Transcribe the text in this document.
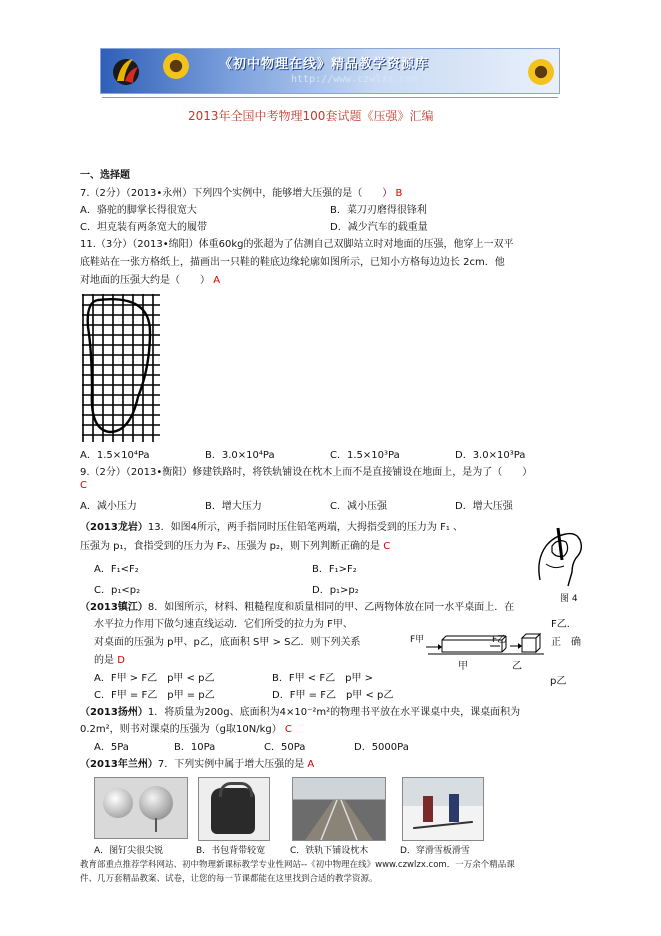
《初中物理在线》精品教学资源库
http://www.czwlzx.com
2013年全国中考物理100套试题《压强》汇编
一、选择题
7.（2分）（2013•永州）下列四个实例中，能够增大压强的是（　　） B
A．骆驼的脚掌长得很宽大	B．菜刀刃磨得很锋利
C．坦克装有两条宽大的履带	D．减少汽车的载重量
11.（3分）（2013•绵阳）体重60kg的张超为了估测自己双脚站立时对地面的压强，他穿上一双平
底鞋站在一张方格纸上，描画出一只鞋的鞋底边缘轮廓如图所示，已知小方格每边边长 2cm．他
对地面的压强大约是（　　） A
A．1.5×10⁴Pa	B．3.0×10⁴Pa	C．1.5×10³Pa	D．3.0×10³Pa
9.（2分）（2013•衡阳）修建铁路时，将铁轨铺设在枕木上而不是直接铺设在地面上，是为了（　　）
C
A．减小压力	B．增大压力	C．减小压强	D．增大压强
（2013龙岩）13．如图4所示，两手指同时压住铅笔两端，大拇指受到的压力为 F₁ 、
压强为 p₁，食指受到的压力为 F₂、压强为 p₂，则下列判断正确的是 C
A．F₁<F₂	B．F₁>F₂
C．p₁<p₂	D．p₁>p₂
图 4
（2013镇江）8．如图所示，材料、粗糙程度和质量相同的甲、乙两物体放在同一水平桌面上．在
水平拉力作用下做匀速直线运动．它们所受的拉力为 F甲、
对桌面的压强为 p甲、p乙，底面积 S甲 > S乙．则下列关系
的是 D
F乙．
正　确
F甲	F乙
甲	乙
A．F甲 > F乙　p甲 < p乙	B．F甲 < F乙　p甲 >	p乙
C．F甲 = F乙　p甲 = p乙	D．F甲 = F乙　p甲 < p乙
（2013扬州）1．将质量为200g、底面积为4×10⁻²m²的物理书平放在水平课桌中央，课桌面积为
0.2m²，则书对课桌的压强为（g取10N/kg） C
A．5Pa	B．10Pa	C．50Pa	D．5000Pa
（2013年兰州）7．下列实例中属于增大压强的是 A
A．图钉尖很尖锐	B．书包背带较宽	C．铁轨下铺设枕木	D．穿滑雪板滑雪
教育部重点推荐学科网站、初中物理新课标教学专业性网站--《初中物理在线》www.czwlzx.com．一万余个精品课
件、几万套精品教案、试卷，让您的每一节课都能在这里找到合适的教学资源。
